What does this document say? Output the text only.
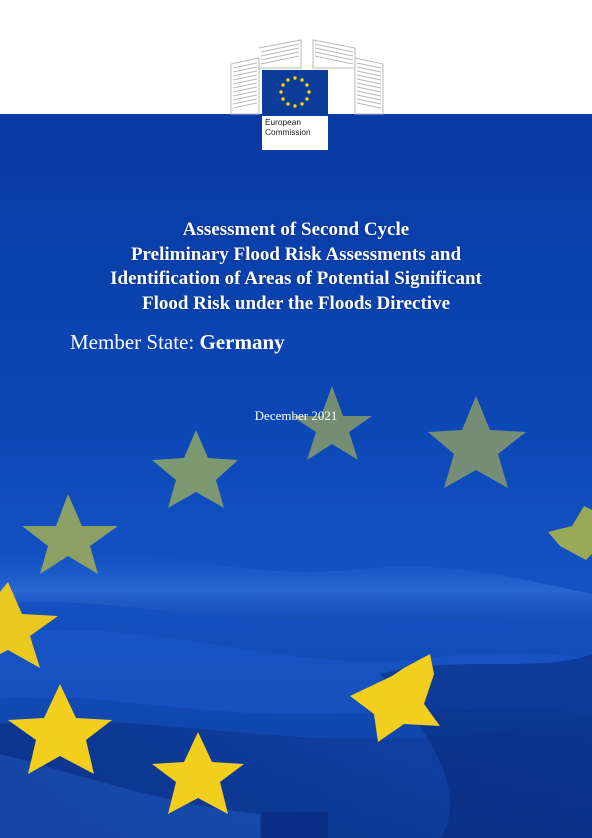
European
Commission
Assessment of Second Cycle
Preliminary Flood Risk Assessments and
Identification of Areas of Potential Significant
Flood Risk under the Floods Directive
Member State: Germany
December 2021
